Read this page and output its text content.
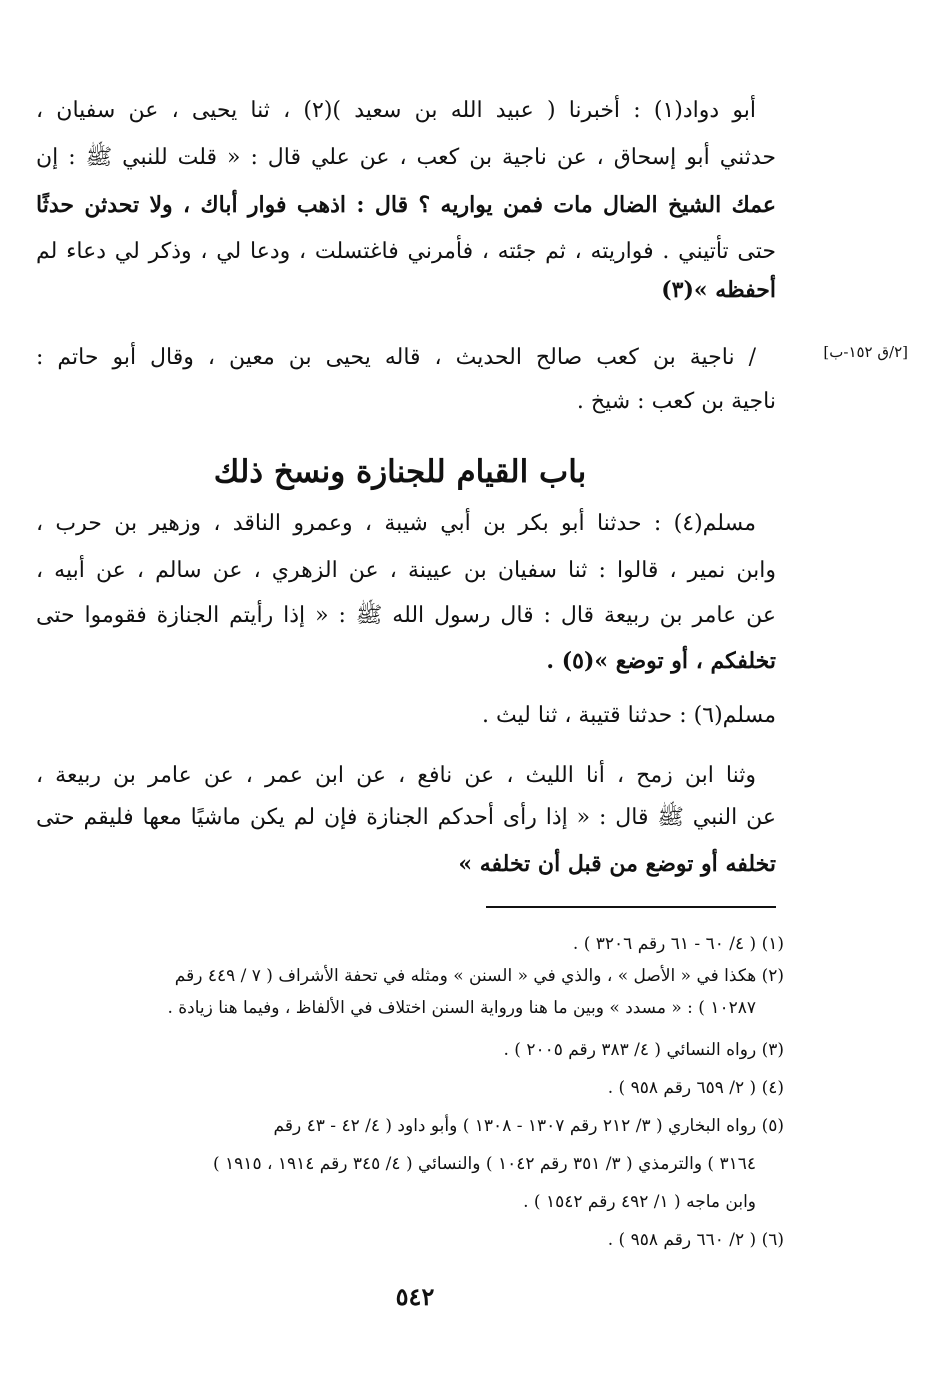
[٢/ق ١٥٢-ب]
أبو دواد(١) : أخبرنا ( عبيد الله بن سعيد )(٢) ، ثنا يحيى ، عن سفيان ،
حدثني أبو إسحاق ، عن ناجية بن كعب ، عن علي قال : « قلت للنبي ﷺ : إن
عمك الشيخ الضال مات فمن يواريه ؟ قال : اذهب فوار أباك ، ولا تحدثن حدثًا
حتى تأتيني . فواريته ، ثم جئته ، فأمرني فاغتسلت ، ودعا لي ، وذكر لي دعاء لم
أحفظه »(٣)
/ ناجية بن كعب صالح الحديث ، قاله يحيى بن معين ، وقال أبو حاتم :
ناجية بن كعب : شيخ .
باب القيام للجنازة ونسخ ذلك
مسلم(٤) : حدثنا أبو بكر بن أبي شيبة ، وعمرو الناقد ، وزهير بن حرب ،
وابن نمير ، قالوا : ثنا سفيان بن عيينة ، عن الزهري ، عن سالم ، عن أبيه ،
عن عامر بن ربيعة قال : قال رسول الله ﷺ : « إذا رأيتم الجنازة فقوموا حتى
تخلفكم ، أو توضع »(٥) .
مسلم(٦) : حدثنا قتيبة ، ثنا ليث .
وثنا ابن زمح ، أنا الليث ، عن نافع ، عن ابن عمر ، عن عامر بن ربيعة ،
عن النبي ﷺ قال : « إذا رأى أحدكم الجنازة فإن لم يكن ماشيًا معها فليقم حتى
تخلفه أو توضع من قبل أن تخلفه »
(١) ( ٤/ ٦٠ - ٦١ رقم ٣٢٠٦ ) .
(٢) هكذا في « الأصل » ، والذي في « السنن » ومثله في تحفة الأشراف ( ٧ / ٤٤٩ رقم
١٠٢٨٧ ) : « مسدد » وبين ما هنا ورواية السنن اختلاف في الألفاظ ، وفيما هنا زيادة .
(٣) رواه النسائي ( ٤/ ٣٨٣ رقم ٢٠٠٥ ) .
(٤) ( ٢/ ٦٥٩ رقم ٩٥٨ ) .
(٥) رواه البخاري ( ٣/ ٢١٢ رقم ١٣٠٧ - ١٣٠٨ ) وأبو داود ( ٤/ ٤٢ - ٤٣ رقم
٣١٦٤ ) والترمذي ( ٣/ ٣٥١ رقم ١٠٤٢ ) والنسائي ( ٤/ ٣٤٥ رقم ١٩١٤ ، ١٩١٥ )
وابن ماجه ( ١/ ٤٩٢ رقم ١٥٤٢ ) .
(٦) ( ٢/ ٦٦٠ رقم ٩٥٨ ) .
٥٤٢
